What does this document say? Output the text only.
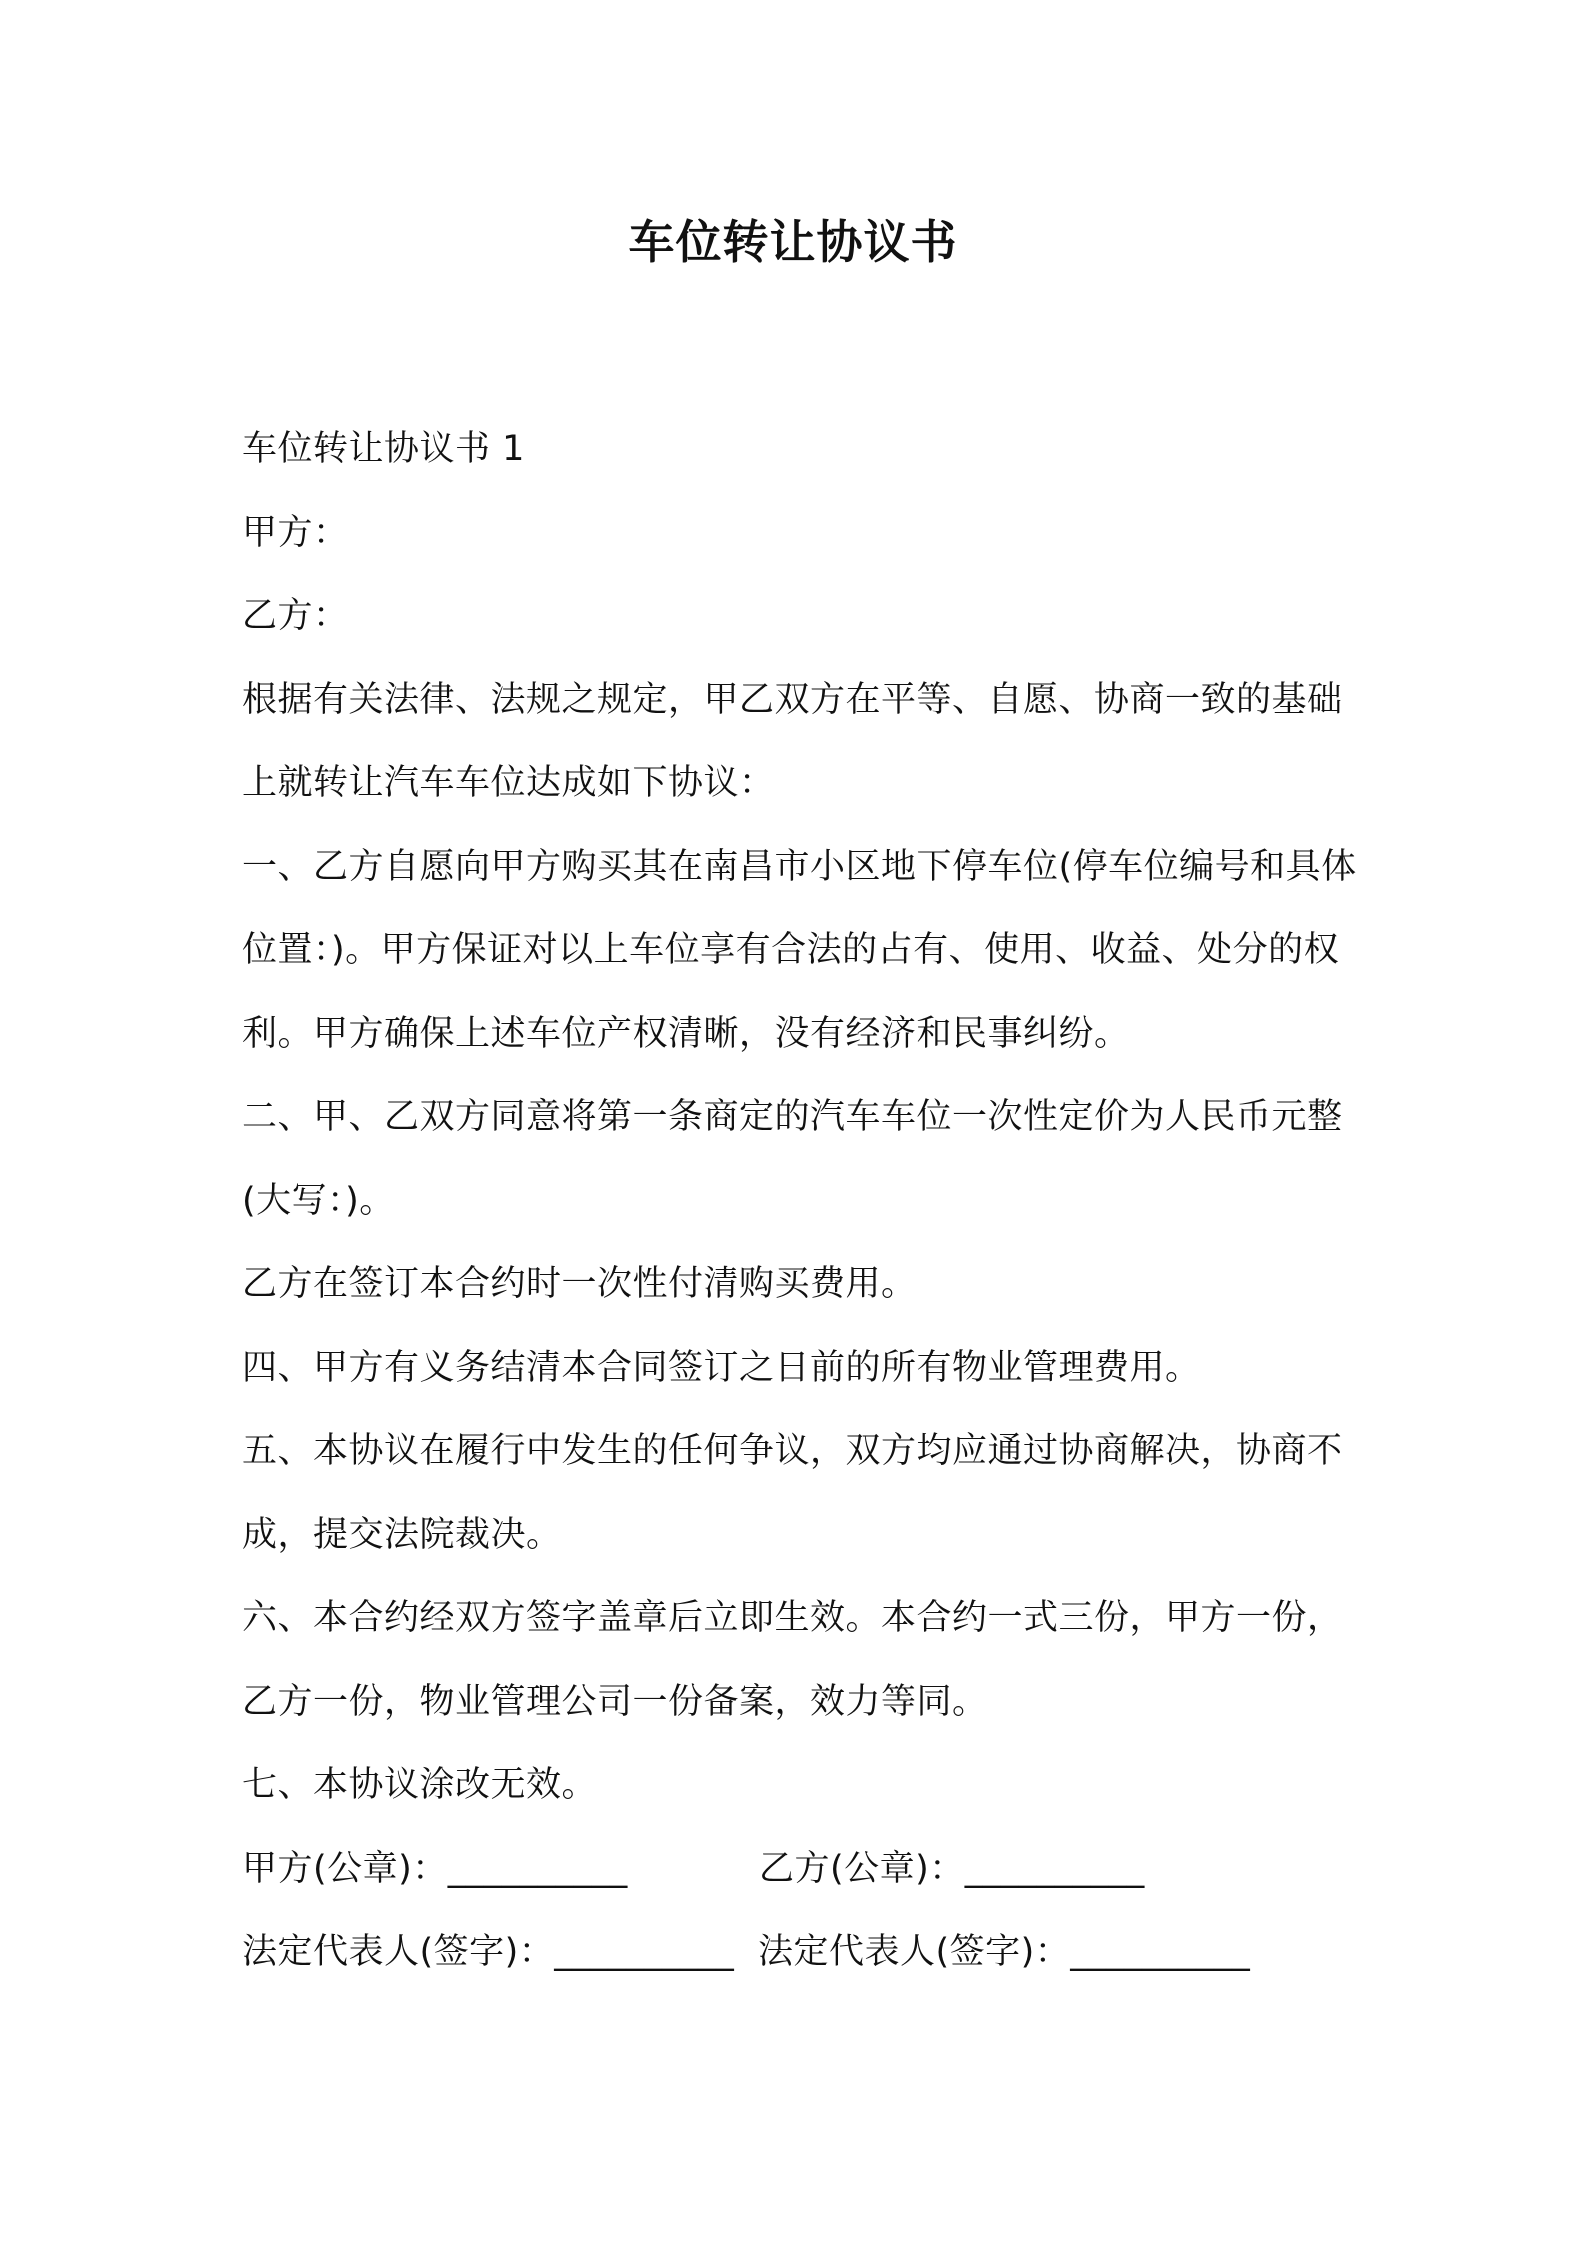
车位转让协议书

车位转让协议书 1

甲方：

乙方：

根据有关法律、法规之规定，甲乙双方在平等、自愿、协商一致的基础上就转让汽车车位达成如下协议：

一、乙方自愿向甲方购买其在南昌市小区地下停车位(停车位编号和具体位置：)。甲方保证对以上车位享有合法的占有、使用、收益、处分的权利。甲方确保上述车位产权清晰，没有经济和民事纠纷。

二、甲、乙双方同意将第一条商定的汽车车位一次性定价为人民币元整(大写：)。

乙方在签订本合约时一次性付清购买费用。

四、甲方有义务结清本合同签订之日前的所有物业管理费用。

五、本协议在履行中发生的任何争议，双方均应通过协商解决，协商不成，提交法院裁决。

六、本合约经双方签字盖章后立即生效。本合约一式三份，甲方一份，乙方一份，物业管理公司一份备案，效力等同。

七、本协议涂改无效。

甲方(公章)：__________	乙方(公章)：__________
法定代表人(签字)：__________ 法定代表人(签字)：__________
